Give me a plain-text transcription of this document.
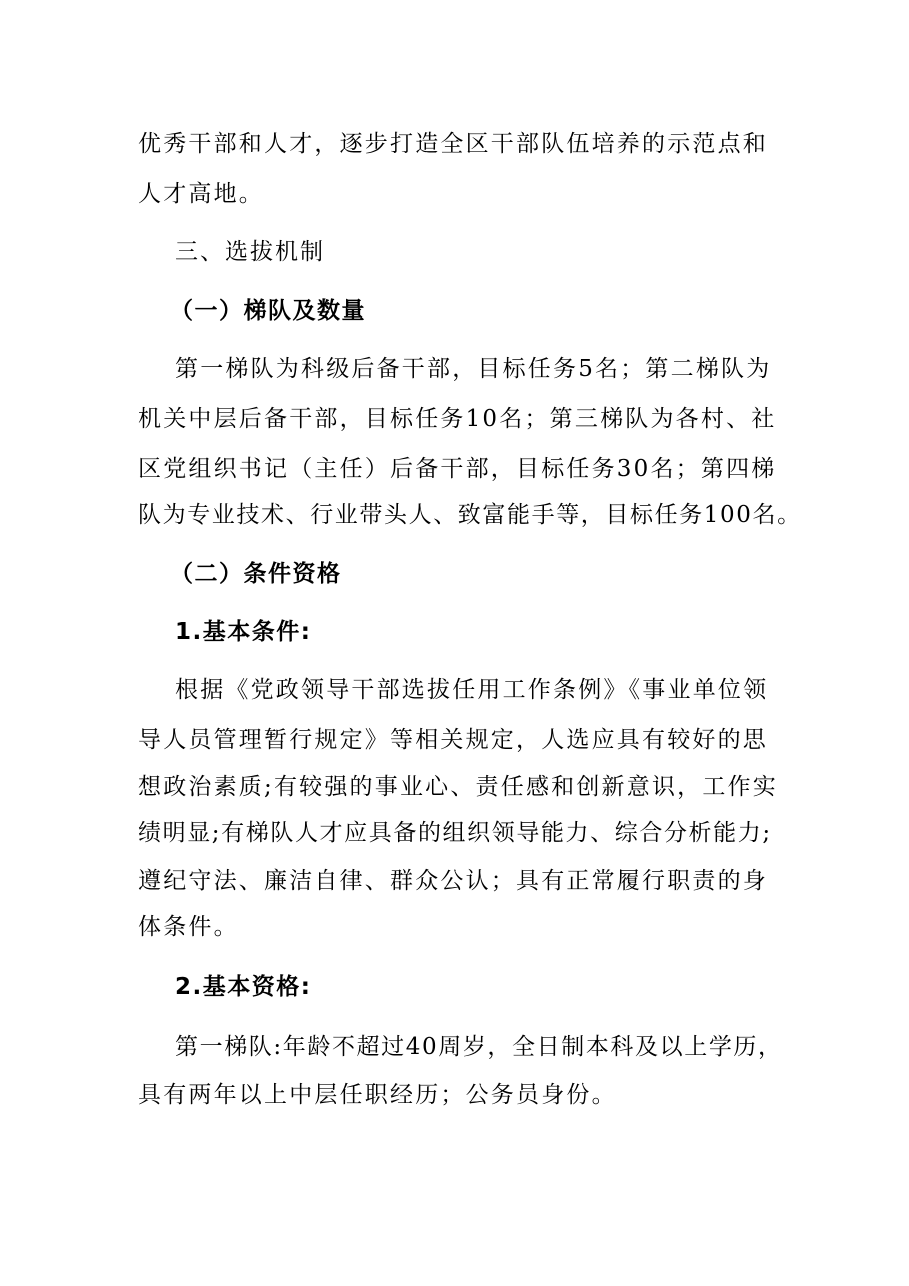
优秀干部和人才，逐步打造全区干部队伍培养的示范点和
人才高地。
三、选拔机制
（一）梯队及数量
第一梯队为科级后备干部，目标任务5名；第二梯队为
机关中层后备干部，目标任务10名；第三梯队为各村、社
区党组织书记（主任）后备干部，目标任务30名；第四梯
队为专业技术、行业带头人、致富能手等，目标任务100名。
（二）条件资格
1.基本条件:
根据《党政领导干部选拔任用工作条例》《事业单位领
导人员管理暂行规定》等相关规定，人选应具有较好的思
想政治素质;有较强的事业心、责任感和创新意识，工作实
绩明显;有梯队人才应具备的组织领导能力、综合分析能力;
遵纪守法、廉洁自律、群众公认；具有正常履行职责的身
体条件。
2.基本资格:
第一梯队:年龄不超过40周岁，全日制本科及以上学历，
具有两年以上中层任职经历；公务员身份。
